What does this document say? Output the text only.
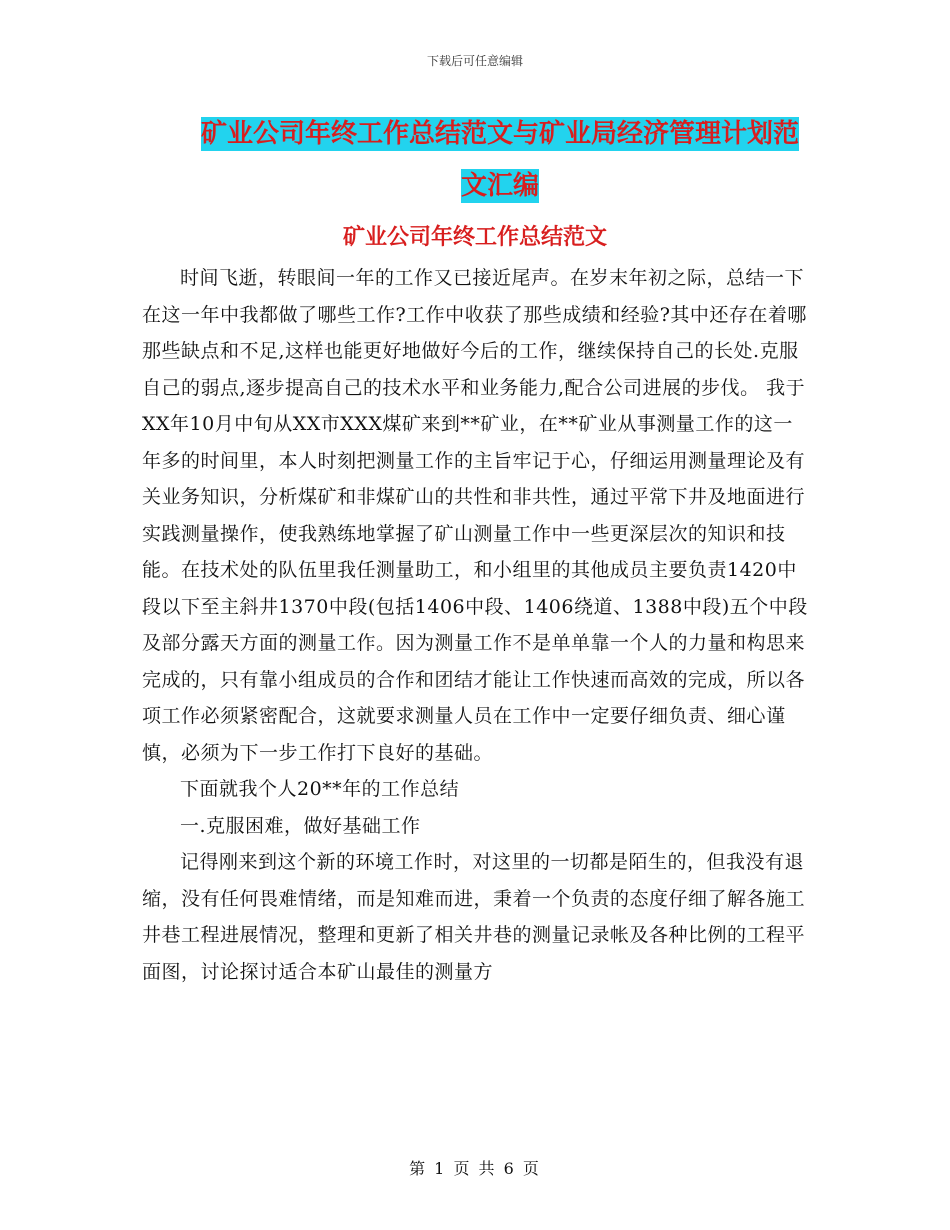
下载后可任意编辑
矿业公司年终工作总结范文与矿业局经济管理计划范
文汇编
矿业公司年终工作总结范文

时间飞逝，转眼间一年的工作又已接近尾声。在岁末年初之际，总结一下在这一年中我都做了哪些工作?工作中收获了那些成绩和经验?其中还存在着哪那些缺点和不足,这样也能更好地做好今后的工作，继续保持自己的长处.克服自己的弱点,逐步提高自己的技术水平和业务能力,配合公司进展的步伐。 我于XX年10月中旬从XX市XXX煤矿来到**矿业，在**矿业从事测量工作的这一年多的时间里，本人时刻把测量工作的主旨牢记于心，仔细运用测量理论及有关业务知识，分析煤矿和非煤矿山的共性和非共性，通过平常下井及地面进行实践测量操作，使我熟练地掌握了矿山测量工作中一些更深层次的知识和技能。在技术处的队伍里我任测量助工，和小组里的其他成员主要负责1420中段以下至主斜井1370中段(包括1406中段、1406绕道、1388中段)五个中段及部分露天方面的测量工作。因为测量工作不是单单靠一个人的力量和构思来完成的，只有靠小组成员的合作和团结才能让工作快速而高效的完成，所以各项工作必须紧密配合，这就要求测量人员在工作中一定要仔细负责、细心谨慎，必须为下一步工作打下良好的基础。

下面就我个人20**年的工作总结

一.克服困难，做好基础工作

记得刚来到这个新的环境工作时，对这里的一切都是陌生的，但我没有退缩，没有任何畏难情绪，而是知难而进，秉着一个负责的态度仔细了解各施工井巷工程进展情况，整理和更新了相关井巷的测量记录帐及各种比例的工程平面图，讨论探讨适合本矿山最佳的测量方

第 1 页 共 6 页
